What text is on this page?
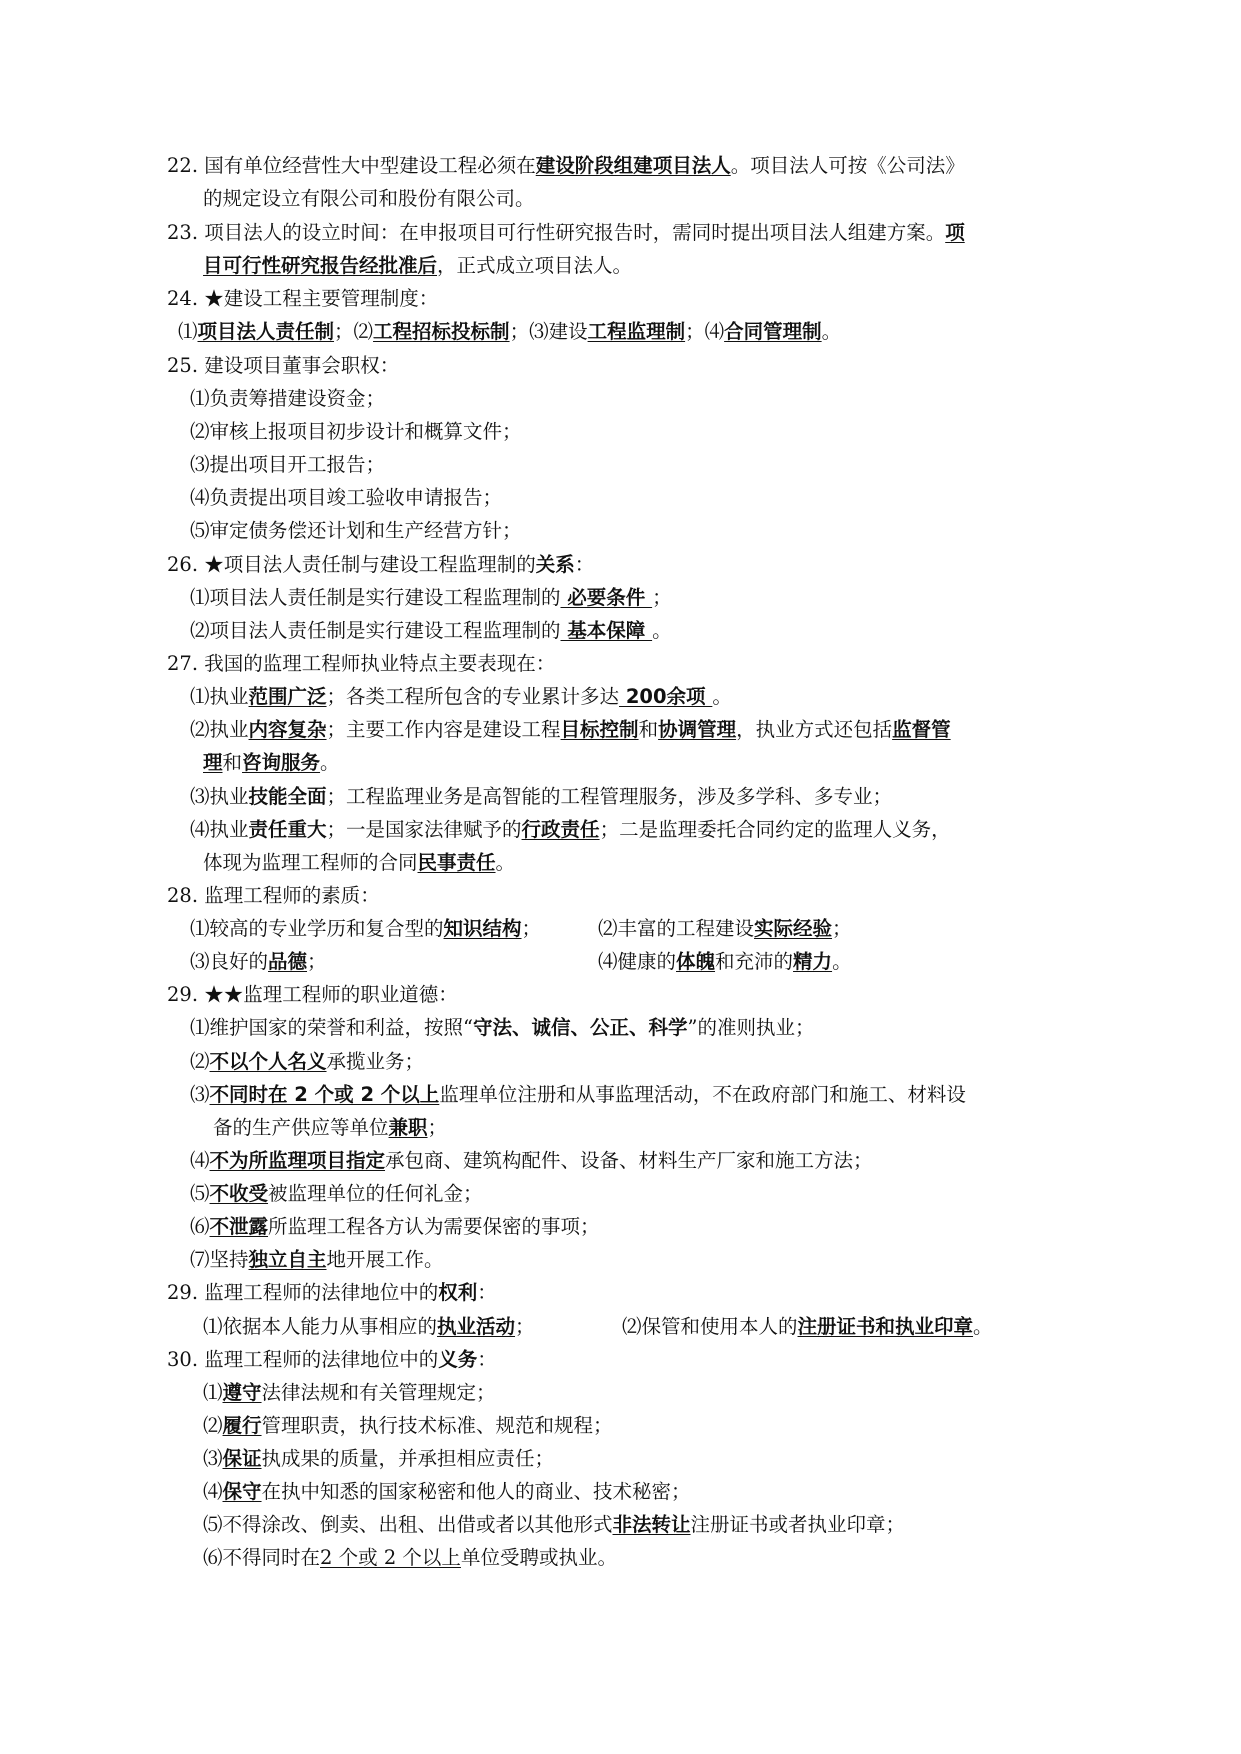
22. 国有单位经营性大中型建设工程必须在建设阶段组建项目法人。项目法人可按《公司法》
的规定设立有限公司和股份有限公司。
23. 项目法人的设立时间：在申报项目可行性研究报告时，需同时提出项目法人组建方案。项
目可行性研究报告经批准后，正式成立项目法人。
24. ★建设工程主要管理制度：
⑴项目法人责任制；⑵工程招标投标制；⑶建设工程监理制；⑷合同管理制。
25. 建设项目董事会职权：
⑴负责筹措建设资金；
⑵审核上报项目初步设计和概算文件；
⑶提出项目开工报告；
⑷负责提出项目竣工验收申请报告；
⑸审定债务偿还计划和生产经营方针；
26. ★项目法人责任制与建设工程监理制的关系：
⑴项目法人责任制是实行建设工程监理制的 必要条件 ；
⑵项目法人责任制是实行建设工程监理制的 基本保障 。
27. 我国的监理工程师执业特点主要表现在：
⑴执业范围广泛；各类工程所包含的专业累计多达 200余项 。
⑵执业内容复杂；主要工作内容是建设工程目标控制和协调管理，执业方式还包括监督管
理和咨询服务。
⑶执业技能全面；工程监理业务是高智能的工程管理服务，涉及多学科、多专业；
⑷执业责任重大；一是国家法律赋予的行政责任；二是监理委托合同约定的监理人义务，
体现为监理工程师的合同民事责任。
28. 监理工程师的素质：
⑴较高的专业学历和复合型的知识结构；	⑵丰富的工程建设实际经验；
⑶良好的品德；	⑷健康的体魄和充沛的精力。
29. ★★监理工程师的职业道德：
⑴维护国家的荣誉和利益，按照“守法、诚信、公正、科学”的准则执业；
⑵不以个人名义承揽业务；
⑶不同时在 2 个或 2 个以上监理单位注册和从事监理活动，不在政府部门和施工、材料设
备的生产供应等单位兼职；
⑷不为所监理项目指定承包商、建筑构配件、设备、材料生产厂家和施工方法；
⑸不收受被监理单位的任何礼金；
⑹不泄露所监理工程各方认为需要保密的事项；
⑺坚持独立自主地开展工作。
29. 监理工程师的法律地位中的权利：
⑴依据本人能力从事相应的执业活动；	⑵保管和使用本人的注册证书和执业印章。
30. 监理工程师的法律地位中的义务：
⑴遵守法律法规和有关管理规定；
⑵履行管理职责，执行技术标准、规范和规程；
⑶保证执成果的质量，并承担相应责任；
⑷保守在执中知悉的国家秘密和他人的商业、技术秘密；
⑸不得涂改、倒卖、出租、出借或者以其他形式非法转让注册证书或者执业印章；
⑹不得同时在2 个或 2 个以上单位受聘或执业。
